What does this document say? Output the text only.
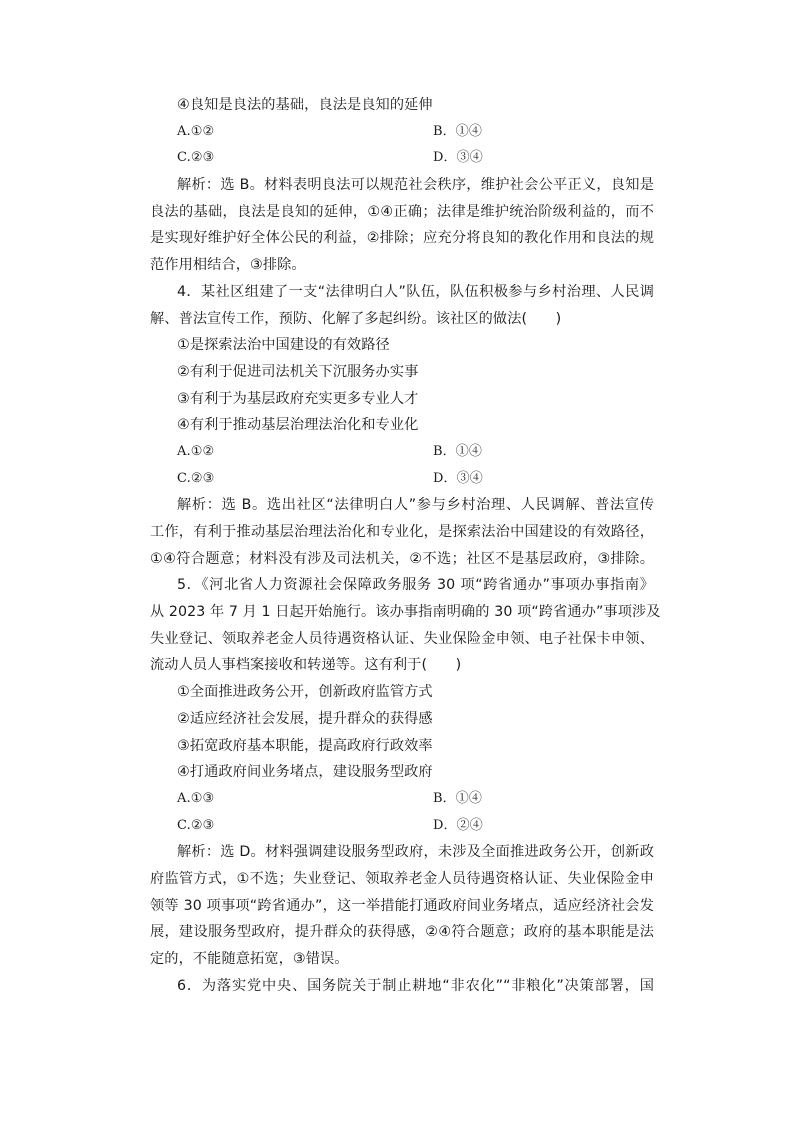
④良知是良法的基础，良法是良知的延伸
A.①②	B．①④
C.②③	D．③④
解析：选 B。材料表明良法可以规范社会秩序，维护社会公平正义，良知是
良法的基础，良法是良知的延伸，①④正确；法律是维护统治阶级利益的，而不
是实现好维护好全体公民的利益，②排除；应充分将良知的教化作用和良法的规
范作用相结合，③排除。
4．某社区组建了一支“法律明白人”队伍，队伍积极参与乡村治理、人民调
解、普法宣传工作，预防、化解了多起纠纷。该社区的做法(　　)
①是探索法治中国建设的有效路径
②有利于促进司法机关下沉服务办实事
③有利于为基层政府充实更多专业人才
④有利于推动基层治理法治化和专业化
A.①②	B．①④
C.②③	D．③④
解析：选 B。选出社区“法律明白人”参与乡村治理、人民调解、普法宣传
工作，有利于推动基层治理法治化和专业化，是探索法治中国建设的有效路径，
①④符合题意；材料没有涉及司法机关，②不选；社区不是基层政府，③排除。
5．《河北省人力资源社会保障政务服务 30 项“跨省通办”事项办事指南》
从 2023 年 7 月 1 日起开始施行。该办事指南明确的 30 项“跨省通办”事项涉及
失业登记、领取养老金人员待遇资格认证、失业保险金申领、电子社保卡申领、
流动人员人事档案接收和转递等。这有利于(　　)
①全面推进政务公开，创新政府监管方式
②适应经济社会发展，提升群众的获得感
③拓宽政府基本职能，提高政府行政效率
④打通政府间业务堵点，建设服务型政府
A.①③	B．①④
C.②③	D．②④
解析：选 D。材料强调建设服务型政府，未涉及全面推进政务公开，创新政
府监管方式，①不选；失业登记、领取养老金人员待遇资格认证、失业保险金申
领等 30 项事项“跨省通办”，这一举措能打通政府间业务堵点，适应经济社会发
展，建设服务型政府，提升群众的获得感，②④符合题意；政府的基本职能是法
定的，不能随意拓宽，③错误。
6．为落实党中央、国务院关于制止耕地“非农化”“非粮化”决策部署，国
